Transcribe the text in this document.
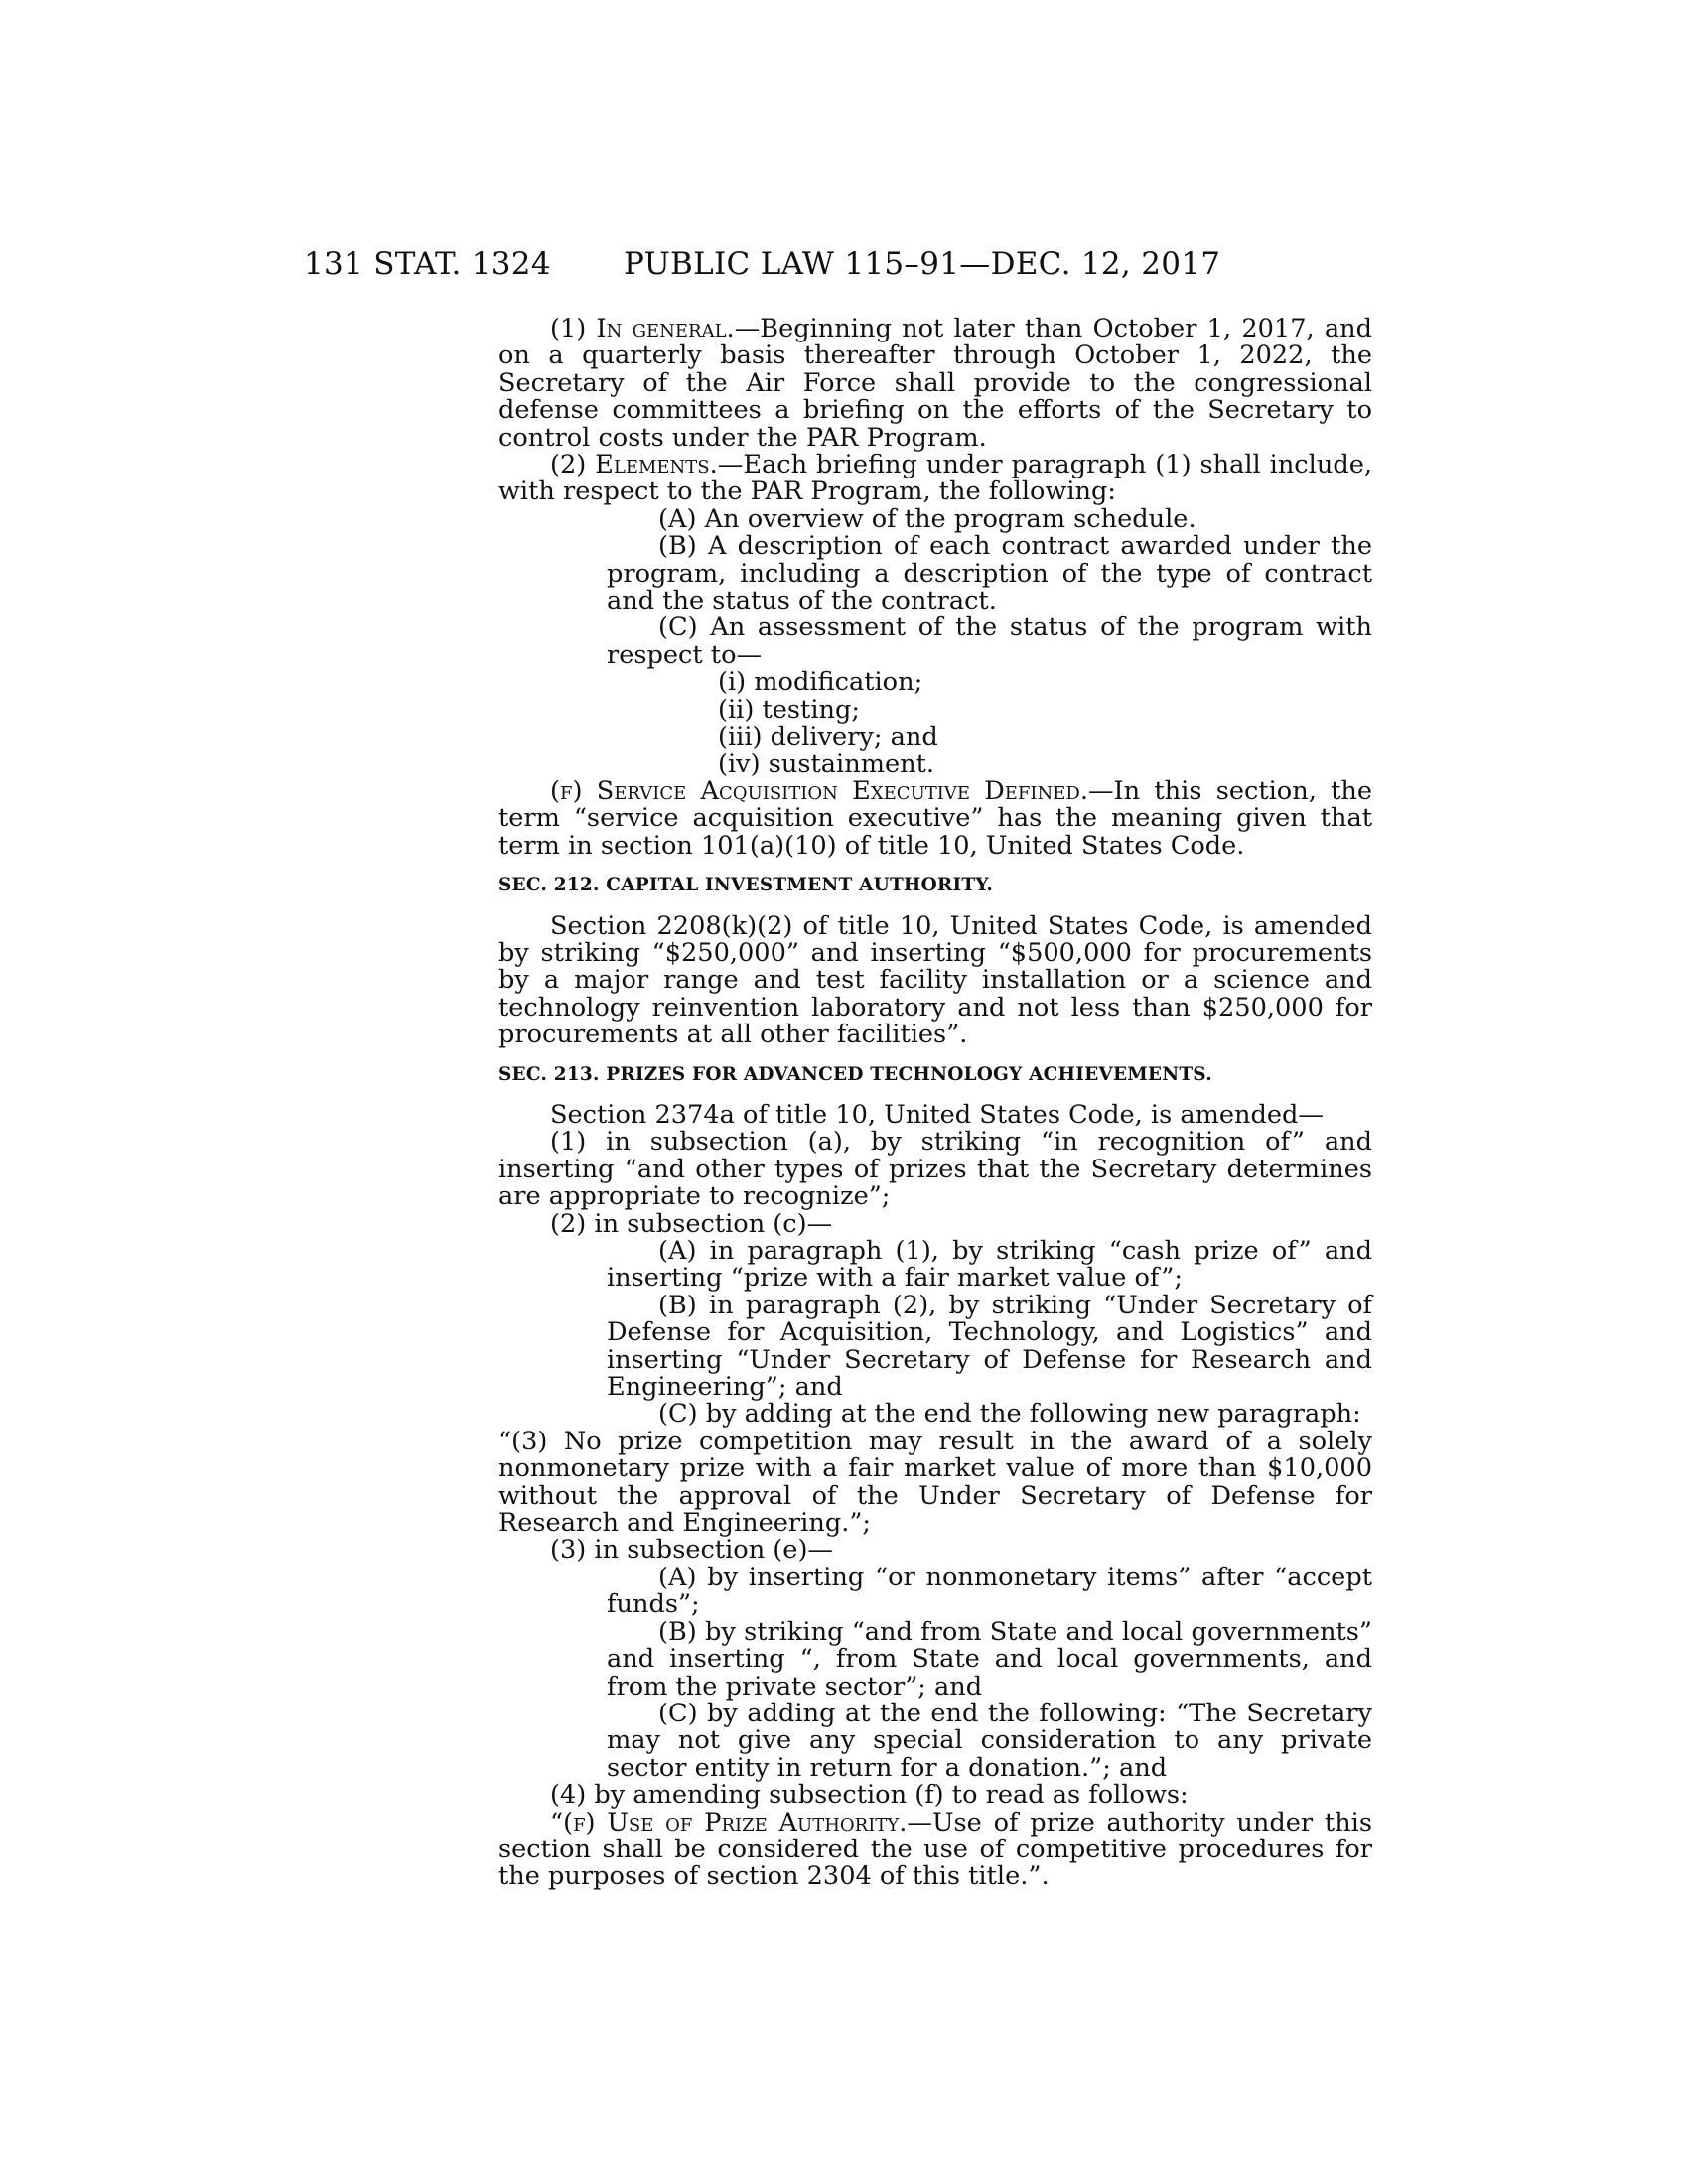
131 STAT. 1324 PUBLIC LAW 115–91—DEC. 12, 2017

(1) In general.—Beginning not later than October 1, 2017, and on a quarterly basis thereafter through October 1, 2022, the Secretary of the Air Force shall provide to the congressional defense committees a briefing on the efforts of the Secretary to control costs under the PAR Program.

(2) Elements.—Each briefing under paragraph (1) shall include, with respect to the PAR Program, the following:

(A) An overview of the program schedule.

(B) A description of each contract awarded under the program, including a description of the type of contract and the status of the contract.

(C) An assessment of the status of the program with respect to—

(i) modification;

(ii) testing;

(iii) delivery; and

(iv) sustainment.

(f) Service Acquisition Executive Defined.—In this section, the term “service acquisition executive” has the meaning given that term in section 101(a)(10) of title 10, United States Code.

SEC. 212. CAPITAL INVESTMENT AUTHORITY.

Section 2208(k)(2) of title 10, United States Code, is amended by striking “$250,000” and inserting “$500,000 for procurements by a major range and test facility installation or a science and technology reinvention laboratory and not less than $250,000 for procurements at all other facilities”.

SEC. 213. PRIZES FOR ADVANCED TECHNOLOGY ACHIEVEMENTS.

Section 2374a of title 10, United States Code, is amended—

(1) in subsection (a), by striking “in recognition of” and inserting “and other types of prizes that the Secretary determines are appropriate to recognize”;

(2) in subsection (c)—

(A) in paragraph (1), by striking “cash prize of” and inserting “prize with a fair market value of”;

(B) in paragraph (2), by striking “Under Secretary of Defense for Acquisition, Technology, and Logistics” and inserting “Under Secretary of Defense for Research and Engineering”; and

(C) by adding at the end the following new paragraph:

“(3) No prize competition may result in the award of a solely nonmonetary prize with a fair market value of more than $10,000 without the approval of the Under Secretary of Defense for Research and Engineering.”;

(3) in subsection (e)—

(A) by inserting “or nonmonetary items” after “accept funds”;

(B) by striking “and from State and local governments” and inserting “, from State and local governments, and from the private sector”; and

(C) by adding at the end the following: “The Secretary may not give any special consideration to any private sector entity in return for a donation.”; and

(4) by amending subsection (f) to read as follows:

“(f) Use of Prize Authority.—Use of prize authority under this section shall be considered the use of competitive procedures for the purposes of section 2304 of this title.”.
